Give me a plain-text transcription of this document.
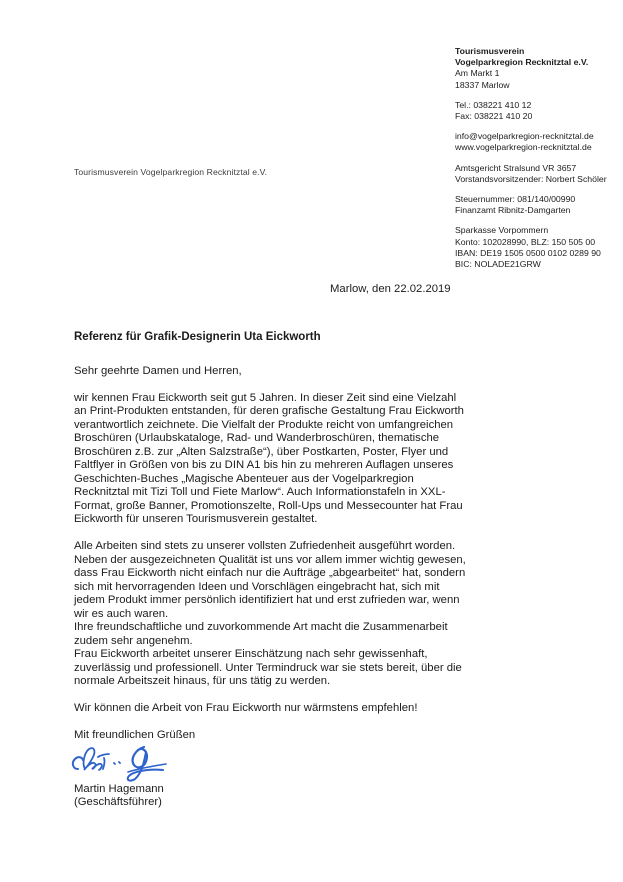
Tourismusverein
Vogelparkregion Recknitztal e.V.
Am Markt 1
18337 Marlow
Tel.: 038221 410 12
Fax: 038221 410 20
info@vogelparkregion-recknitztal.de
www.vogelparkregion-recknitztal.de
Amtsgericht Stralsund VR 3657
Vorstandsvorsitzender: Norbert Schöler
Steuernummer: 081/140/00990
Finanzamt Ribnitz-Damgarten
Sparkasse Vorpommern
Konto: 102028990, BLZ: 150 505 00
IBAN: DE19 1505 0500 0102 0289 90
BIC: NOLADE21GRW
Tourismusverein Vogelparkregion Recknitztal e.V.
Marlow, den 22.02.2019
Referenz für Grafik-Designerin Uta Eickworth
Sehr geehrte Damen und Herren,

wir kennen Frau Eickworth seit gut 5 Jahren. In dieser Zeit sind eine Vielzahl an Print-Produkten entstanden, für deren grafische Gestaltung Frau Eickworth verantwortlich zeichnete. Die Vielfalt der Produkte reicht von umfangreichen Broschüren (Urlaubskataloge, Rad- und Wanderbroschüren, thematische Broschüren z.B. zur „Alten Salzstraße“), über Postkarten, Poster, Flyer und Faltflyer in Größen von bis zu DIN A1 bis hin zu mehreren Auflagen unseres Geschichten-Buches „Magische Abenteuer aus der Vogelparkregion Recknitztal mit Tizi Toll und Fiete Marlow“. Auch Informationstafeln in XXL-Format, große Banner, Promotionszelte, Roll-Ups und Messecounter hat Frau Eickworth für unseren Tourismusverein gestaltet.

Alle Arbeiten sind stets zu unserer vollsten Zufriedenheit ausgeführt worden. Neben der ausgezeichneten Qualität ist uns vor allem immer wichtig gewesen, dass Frau Eickworth nicht einfach nur die Aufträge „abgearbeitet“ hat, sondern sich mit hervorragenden Ideen und Vorschlägen eingebracht hat, sich mit jedem Produkt immer persönlich identifiziert hat und erst zufrieden war, wenn wir es auch waren.

Ihre freundschaftliche und zuvorkommende Art macht die Zusammenarbeit zudem sehr angenehm.

Frau Eickworth arbeitet unserer Einschätzung nach sehr gewissenhaft, zuverlässig und professionell. Unter Termindruck war sie stets bereit, über die normale Arbeitszeit hinaus, für uns tätig zu werden.

Wir können die Arbeit von Frau Eickworth nur wärmstens empfehlen!

Mit freundlichen Grüßen

Martin Hagemann

(Geschäftsführer)
